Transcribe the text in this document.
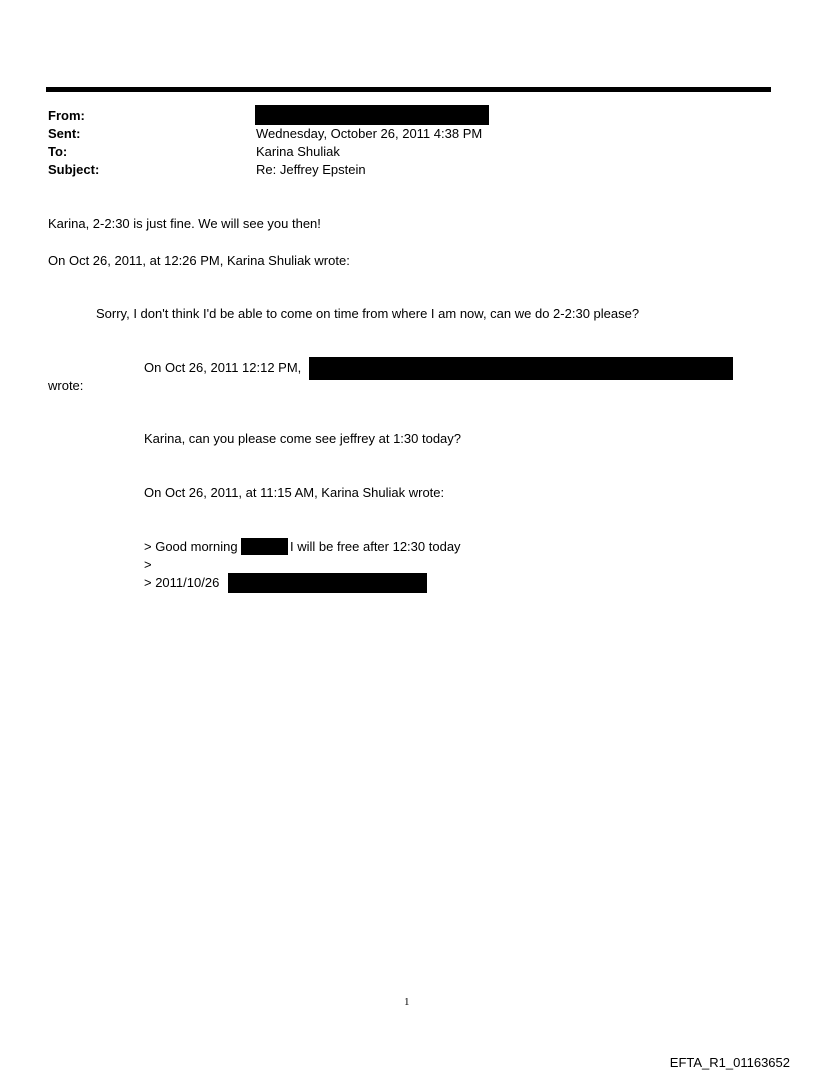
From:
Sent:	Wednesday, October 26, 2011 4:38 PM
To:	Karina Shuliak
Subject:	Re: Jeffrey Epstein
Karina, 2-2:30 is just fine. We will see you then!
On Oct 26, 2011, at 12:26 PM, Karina Shuliak wrote:
Sorry, I don't think I'd be able to come on time from where I am now, can we do 2-2:30 please?
On Oct 26, 2011 12:12 PM,
wrote:
Karina, can you please come see jeffrey at 1:30 today?
On Oct 26, 2011, at 11:15 AM, Karina Shuliak wrote:
> Good morning	I will be free after 12:30 today
>
> 2011/10/26
1
EFTA_R1_01163652
